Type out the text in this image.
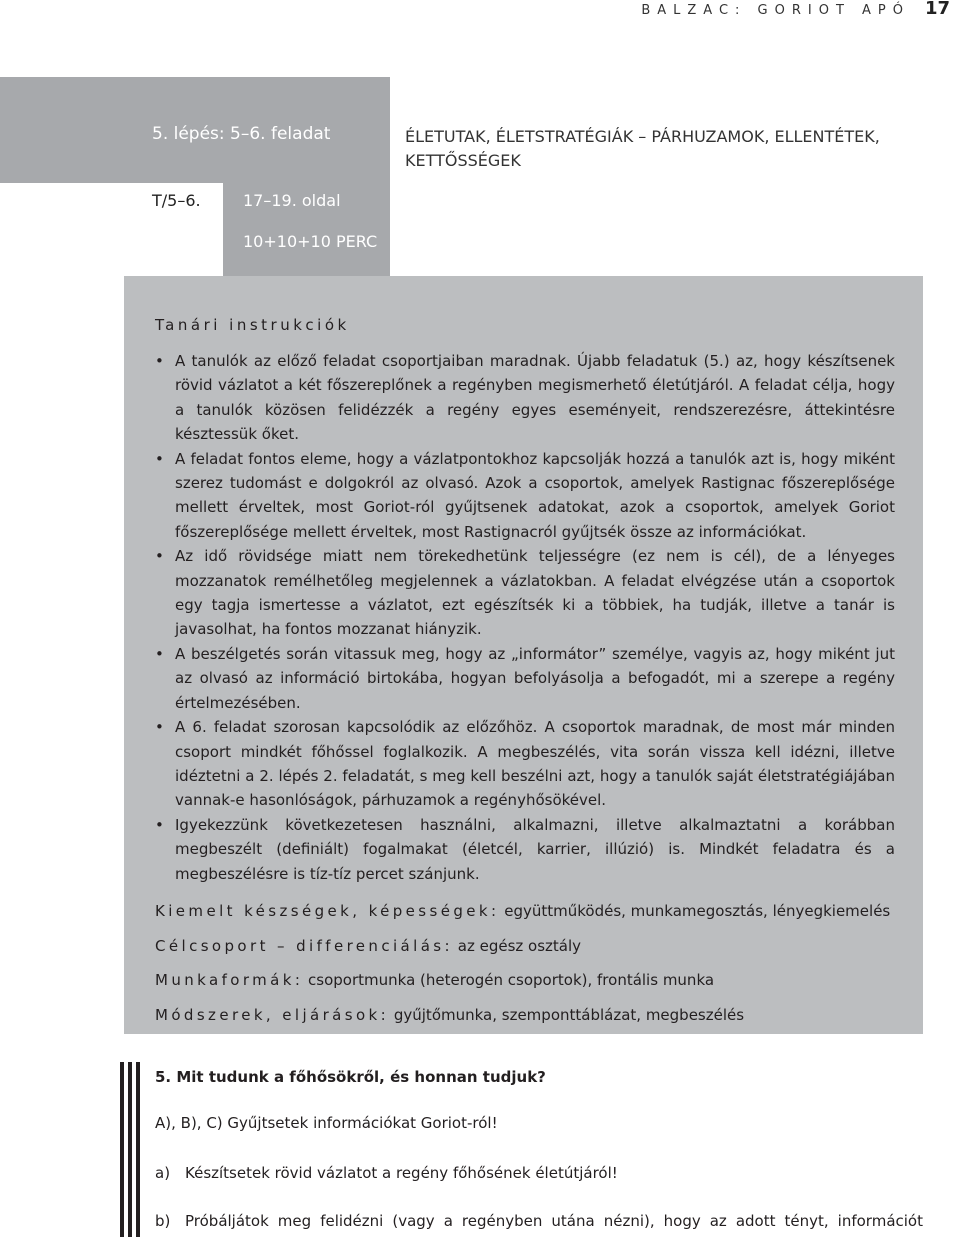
BALZAC: GORIOT APÓ 17
5. lépés: 5–6. feladat	ÉLETUTAK, ÉLETSTRATÉGIÁK – PÁRHUZAMOK, ELLENTÉTEK, KETTŐSSÉGEK
T/5–6.	17–19. oldal
10+10+10 PERC
Tanári instrukciók
• A tanulók az előző feladat csoportjaiban maradnak. Újabb feladatuk (5.) az, hogy készítsenek rövid vázlatot a két főszereplőnek a regényben megismerhető életútjáról. A feladat célja, hogy a tanulók közösen felidézzék a regény egyes eseményeit, rendszerezésre, áttekintésre késztessük őket.
• A feladat fontos eleme, hogy a vázlatpontokhoz kapcsolják hozzá a tanulók azt is, hogy miként szerez tudomást e dolgokról az olvasó. Azok a csoportok, amelyek Rastignac főszereplősége mellett érveltek, most Goriot-ról gyűjtsenek adatokat, azok a csoportok, amelyek Goriot főszereplősége mellett érveltek, most Rastignacról gyűjtsék össze az információkat.
• Az idő rövidsége miatt nem törekedhetünk teljességre (ez nem is cél), de a lényeges mozzanatok remélhetőleg megjelennek a vázlatokban. A feladat elvégzése után a csoportok egy tagja ismertesse a vázlatot, ezt egészítsék ki a többiek, ha tudják, illetve a tanár is javasolhat, ha fontos mozzanat hiányzik.
• A beszélgetés során vitassuk meg, hogy az „informátor” személye, vagyis az, hogy miként jut az olvasó az információ birtokába, hogyan befolyásolja a befogadót, mi a szerepe a regény értelmezésében.
• A 6. feladat szorosan kapcsolódik az előzőhöz. A csoportok maradnak, de most már minden csoport mindkét főhőssel foglalkozik. A megbeszélés, vita során vissza kell idézni, illetve idéztetni a 2. lépés 2. feladatát, s meg kell beszélni azt, hogy a tanulók saját életstratégiájában vannak-e hasonlóságok, párhuzamok a regényhősökével.
• Igyekezzünk következetesen használni, alkalmazni, illetve alkalmaztatni a korábban megbeszélt (definiált) fogalmakat (életcél, karrier, illúzió) is. Mindkét feladatra és a megbeszélésre is tíz-tíz percet szánjunk.
Kiemelt készségek, képességek: együttműködés, munkamegosztás, lényegkiemelés
Célcsoport – differenciálás: az egész osztály
Munkaformák: csoportmunka (heterogén csoportok), frontális munka
Módszerek, eljárások: gyűjtőmunka, szemponttáblázat, megbeszélés
5. Mit tudunk a főhősökről, és honnan tudjuk?
A), B), C) Gyűjtsetek információkat Goriot-ról!
a) Készítsetek rövid vázlatot a regény főhősének életútjáról!
b) Próbáljátok meg felidézni (vagy a regényben utána nézni), hogy az adott tényt, információt
